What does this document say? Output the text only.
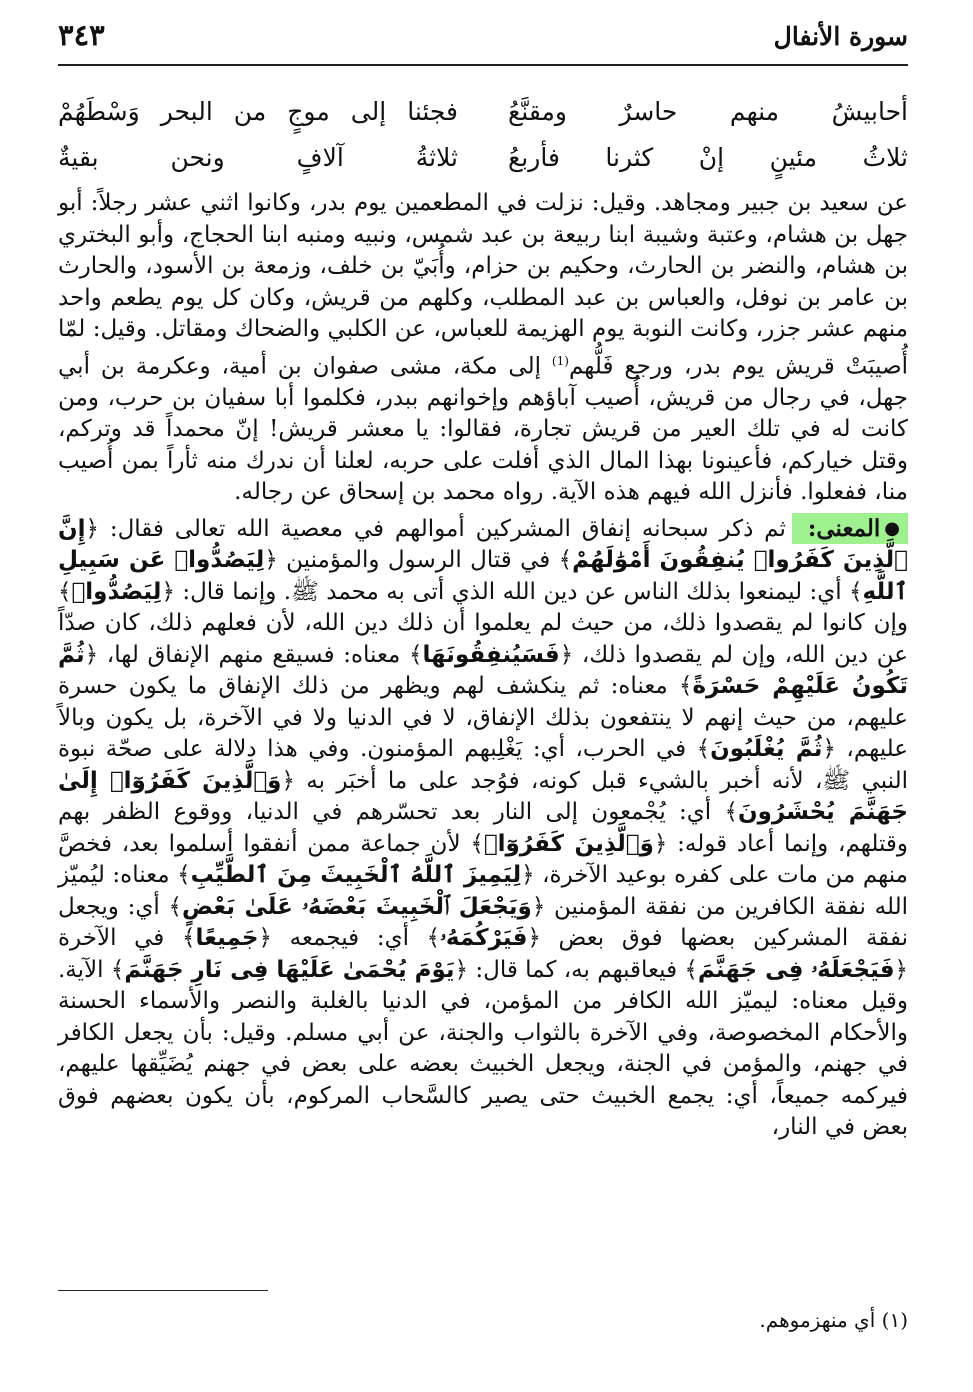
سورة الأنفال
٣٤٣
أحابيشُ منهم حاسرٌ ومقنَّعُ
فجئنا إلى موجٍ من البحر وَسْطَهُمْ
ثلاثُ مئينٍ إنْ كثرنا فأربعُ
ثلاثةُ آلافٍ ونحن بقيةٌ

عن سعيد بن جبير ومجاهد. وقيل: نزلت في المطعمين يوم بدر، وكانوا اثني عشر رجلاً: أبو جهل بن هشام، وعتبة وشيبة ابنا ربيعة بن عبد شمس، ونبيه ومنبه ابنا الحجاج، وأبو البختري بن هشام، والنضر بن الحارث، وحكيم بن حزام، وأُبَيّ بن خلف، وزمعة بن الأسود، والحارث بن عامر بن نوفل، والعباس بن عبد المطلب، وكلهم من قريش، وكان كل يوم يطعم واحد منهم عشر جزر، وكانت النوبة يوم الهزيمة للعباس، عن الكلبي والضحاك ومقاتل. وقيل: لمّا أُصيبَتْ قريش يوم بدر، ورجع فَلُّهم$^{(1)}$ إلى مكة، مشى صفوان بن أمية، وعكرمة بن أبي جهل، في رجال من قريش، أُصيب آباؤهم وإخوانهم ببدر، فكلموا أبا سفيان بن حرب، ومن كانت له في تلك العير من قريش تجارة، فقالوا: يا معشر قريش! إنّ محمداً قد وتركم، وقتل خياركم، فأعينونا بهذا المال الذي أفلت على حربه، لعلنا أن ندرك منه ثأراً بمن أُصيب منا، ففعلوا. فأنزل الله فيهم هذه الآية. رواه محمد بن إسحاق عن رجاله.

●المعنى:ثم ذكر سبحانه إنفاق المشركين أموالهم في معصية الله تعالى فقال: ﴿إِنَّ ٱلَّذِينَ كَفَرُوا۟ يُنفِقُونَ أَمْوَٰلَهُمْ﴾ في قتال الرسول والمؤمنين ﴿لِيَصُدُّوا۟ عَن سَبِيلِ ٱللَّهِ﴾ أي: ليمنعوا بذلك الناس عن دين الله الذي أتى به محمد ﷺ. وإنما قال: ﴿لِيَصُدُّوا۟﴾ وإن كانوا لم يقصدوا ذلك، من حيث لم يعلموا أن ذلك دين الله، لأن فعلهم ذلك، كان صدّاً عن دين الله، وإن لم يقصدوا ذلك، ﴿فَسَيُنفِقُونَهَا﴾ معناه: فسيقع منهم الإنفاق لها، ﴿ثُمَّ تَكُونُ عَلَيْهِمْ حَسْرَةً﴾ معناه: ثم ينكشف لهم ويظهر من ذلك الإنفاق ما يكون حسرة عليهم، من حيث إنهم لا ينتفعون بذلك الإنفاق، لا في الدنيا ولا في الآخرة، بل يكون وبالاً عليهم، ﴿ثُمَّ يُغْلَبُونَ﴾ في الحرب، أي: يَغْلِبهم المؤمنون. وفي هذا دلالة على صحّة نبوة النبي ﷺ، لأنه أخبر بالشيء قبل كونه، فوُجد على ما أخبَر به ﴿وَٱلَّذِينَ كَفَرُوٓا۟ إِلَىٰ جَهَنَّمَ يُحْشَرُونَ﴾ أي: يُجْمعون إلى النار بعد تحسّرهم في الدنيا، ووقوع الظفر بهم وقتلهم، وإنما أعاد قوله: ﴿وَٱلَّذِينَ كَفَرُوٓا۟﴾ لأن جماعة ممن أنفقوا أسلموا بعد، فخصَّ منهم من مات على كفره بوعيد الآخرة، ﴿لِيَمِيزَ ٱللَّهُ ٱلْخَبِيثَ مِنَ ٱلطَّيِّبِ﴾ معناه: ليُميّز الله نفقة الكافرين من نفقة المؤمنين ﴿وَيَجْعَلَ ٱلْخَبِيثَ بَعْضَهُۥ عَلَىٰ بَعْضٍ﴾ أي: ويجعل نفقة المشركين بعضها فوق بعض ﴿فَيَرْكُمَهُۥ﴾ أي: فيجمعه ﴿جَمِيعًا﴾ في الآخرة ﴿فَيَجْعَلَهُۥ فِى جَهَنَّمَ﴾ فيعاقبهم به، كما قال: ﴿يَوْمَ يُحْمَىٰ عَلَيْهَا فِى نَارِ جَهَنَّمَ﴾ الآية. وقيل معناه: ليميّز الله الكافر من المؤمن، في الدنيا بالغلبة والنصر والأسماء الحسنة والأحكام المخصوصة، وفي الآخرة بالثواب والجنة، عن أبي مسلم. وقيل: بأن يجعل الكافر في جهنم، والمؤمن في الجنة، ويجعل الخبيث بعضه على بعض في جهنم يُضَيِّقها عليهم، فيركمه جميعاً، أي: يجمع الخبيث حتى يصير كالسَّحاب المركوم، بأن يكون بعضهم فوق بعض في النار،

(١) أي منهزموهم.
